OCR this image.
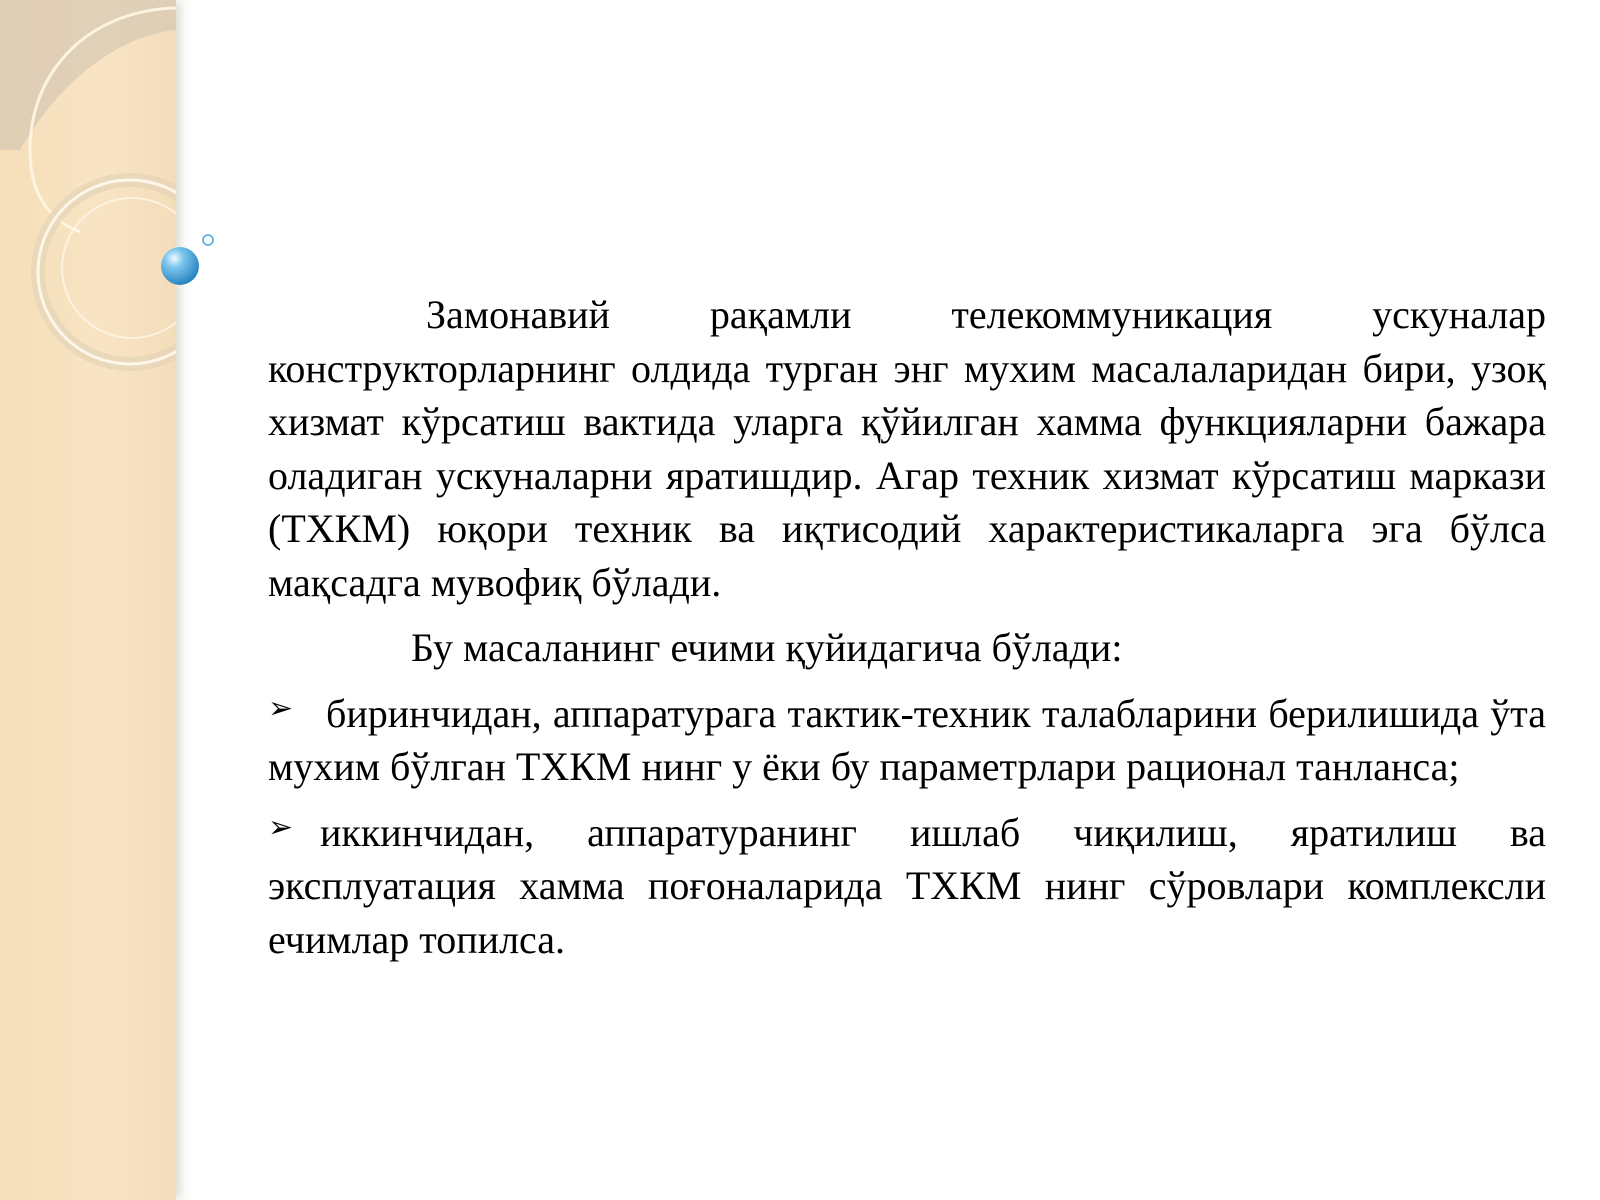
Замонавий рақамли телекоммуникация ускуналар конструкторларнинг олдида турган энг мухим масалаларидан бири, узоқ хизмат кўрсатиш вактида уларга қўйилган хамма функцияларни бажара оладиган ускуналарни яратишдир. Агар техник хизмат кўрсатиш маркази (ТХКМ) юқори техник ва иқтисодий характеристикаларга эга бўлса мақсадга мувофиқ бўлади.

Бу масаланинг ечими қуйидагича бўлади:

➢ биринчидан, аппаратурага тактик-техник талабларини берилишида ўта мухим бўлган ТХКМ нинг у ёки бу параметрлари рационал танланса;

➢ иккинчидан, аппаратуранинг ишлаб чиқилиш, яратилиш ва эксплуатация хамма поғоналарида ТХКМ нинг сўровлари комплексли ечимлар топилса.
